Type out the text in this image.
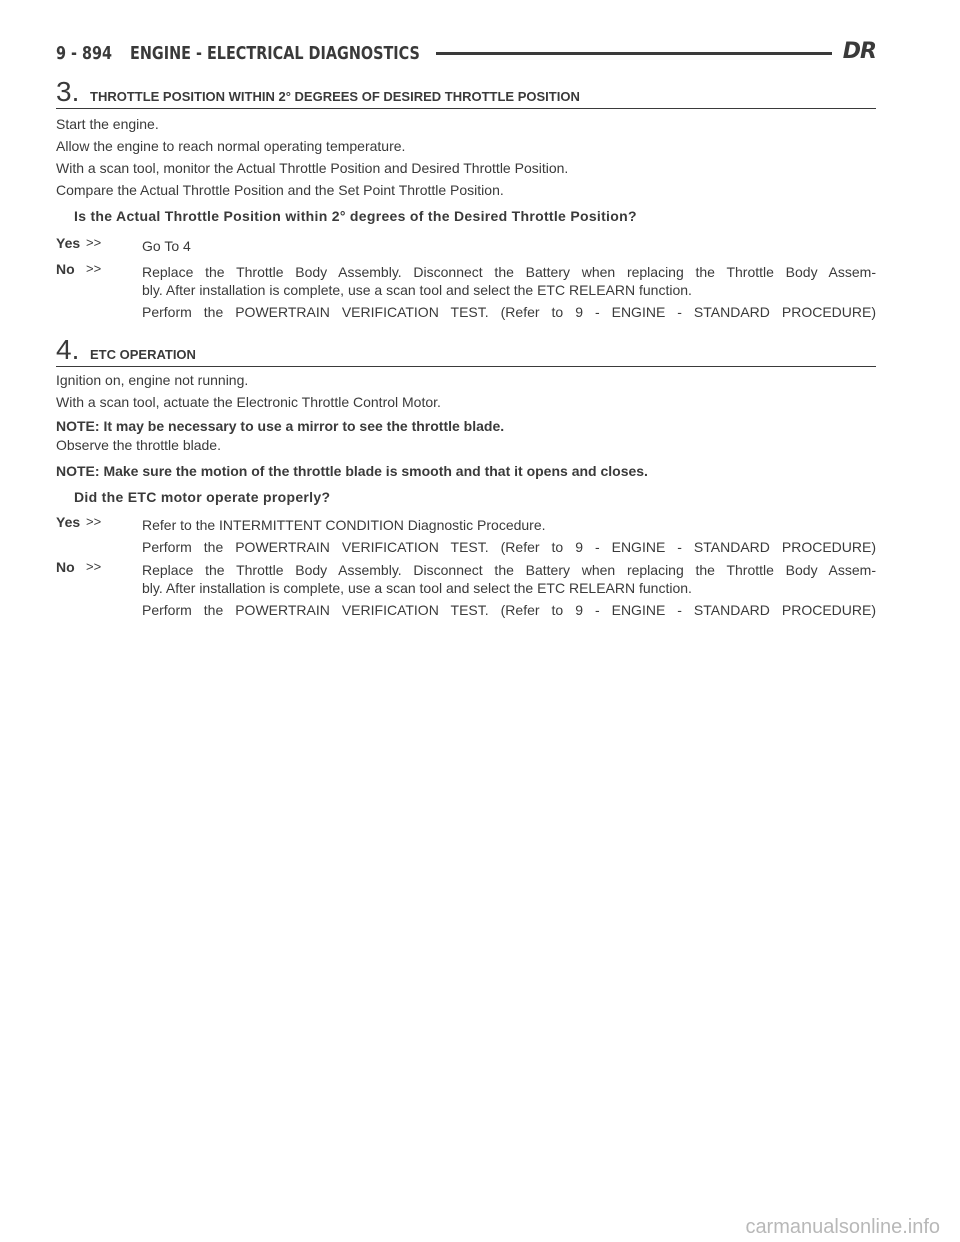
9 - 894 ENGINE - ELECTRICAL DIAGNOSTICS	DR
3. THROTTLE POSITION WITHIN 2° DEGREES OF DESIRED THROTTLE POSITION
Start the engine.
Allow the engine to reach normal operating temperature.
With a scan tool, monitor the Actual Throttle Position and Desired Throttle Position.
Compare the Actual Throttle Position and the Set Point Throttle Position.
Is the Actual Throttle Position within 2° degrees of the Desired Throttle Position?
Yes >>	Go To 4
No >>	Replace the Throttle Body Assembly. Disconnect the Battery when replacing the Throttle Body Assem-
bly. After installation is complete, use a scan tool and select the ETC RELEARN function.
Perform the POWERTRAIN VERIFICATION TEST. (Refer to 9 - ENGINE - STANDARD PROCEDURE)
4. ETC OPERATION
Ignition on, engine not running.
With a scan tool, actuate the Electronic Throttle Control Motor.
NOTE: It may be necessary to use a mirror to see the throttle blade.
Observe the throttle blade.
NOTE: Make sure the motion of the throttle blade is smooth and that it opens and closes.
Did the ETC motor operate properly?
Yes >>	Refer to the INTERMITTENT CONDITION Diagnostic Procedure.
Perform the POWERTRAIN VERIFICATION TEST. (Refer to 9 - ENGINE - STANDARD PROCEDURE)
No >>	Replace the Throttle Body Assembly. Disconnect the Battery when replacing the Throttle Body Assem-
bly. After installation is complete, use a scan tool and select the ETC RELEARN function.
Perform the POWERTRAIN VERIFICATION TEST. (Refer to 9 - ENGINE - STANDARD PROCEDURE)
carmanualsonline.info
